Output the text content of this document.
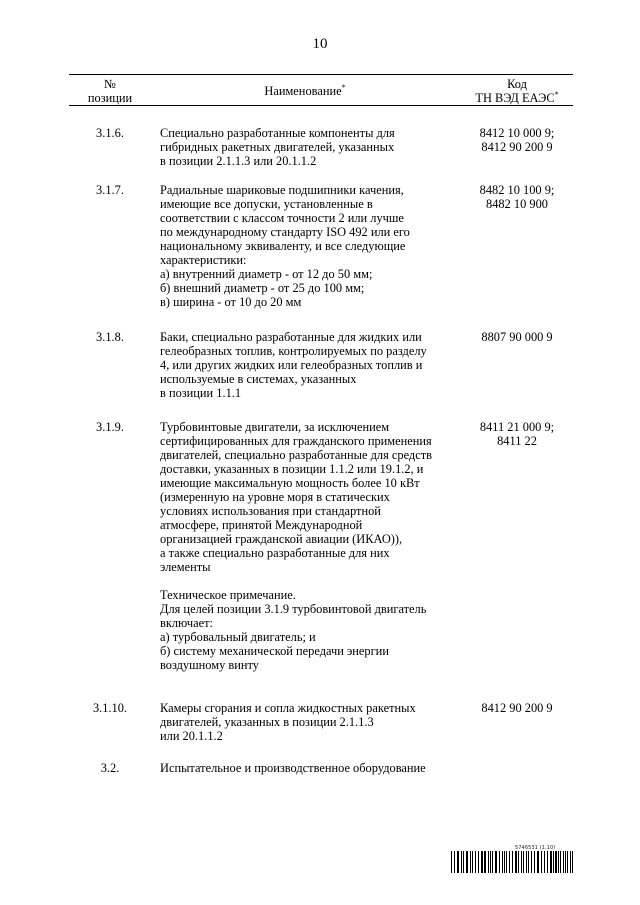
10
№
позиции	Наименование*	Код
ТН ВЭД ЕАЭС*
3.1.6.	Специально разработанные компоненты для
гибридных ракетных двигателей, указанных
в позиции 2.1.1.3 или 20.1.1.2
8412 10 000 9;
8412 90 200 9
3.1.7.	Радиальные шариковые подшипники качения,
имеющие все допуски, установленные в
соответствии с классом точности 2 или лучше
по международному стандарту ISO 492 или его
национальному эквиваленту, и все следующие
характеристики:
а) внутренний диаметр - от 12 до 50 мм;
б) внешний диаметр - от 25 до 100 мм;
в) ширина - от 10 до 20 мм
8482 10 100 9;
8482 10 900
3.1.8.	Баки, специально разработанные для жидких или
гелеобразных топлив, контролируемых по разделу
4, или других жидких или гелеобразных топлив и
используемые в системах, указанных
в позиции 1.1.1
8807 90 000 9
3.1.9.	Турбовинтовые двигатели, за исключением
сертифицированных для гражданского применения
двигателей, специально разработанные для средств
доставки, указанных в позиции 1.1.2 или 19.1.2, и
имеющие максимальную мощность более 10 кВт
(измеренную на уровне моря в статических
условиях использования при стандартной
атмосфере, принятой Международной
организацией гражданской авиации (ИКАО)),
а также специально разработанные для них
элементы
Техническое примечание.
Для целей позиции 3.1.9 турбовинтовой двигатель
включает:
а) турбовальный двигатель; и
б) систему механической передачи энергии
воздушному винту
8411 21 000 9;
8411 22
3.1.10.	Камеры сгорания и сопла жидкостных ракетных
двигателей, указанных в позиции 2.1.1.3
или 20.1.1.2
8412 90 200 9
3.2.	Испытательное и производственное оборудование
5746531 (1.10)
